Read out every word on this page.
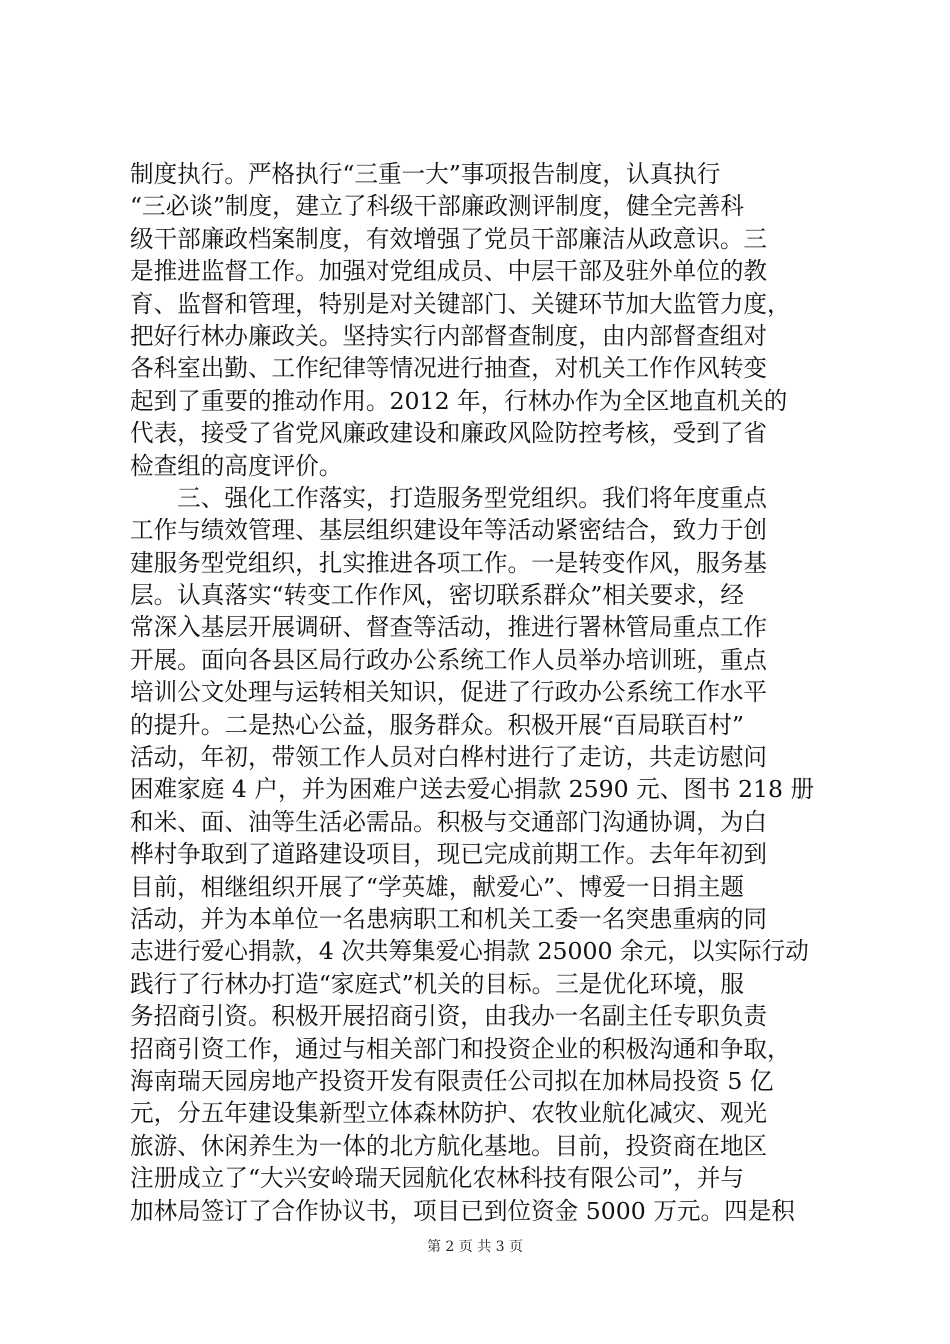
制度执行。严格执行“三重一大”事项报告制度，认真执行
“三必谈”制度，建立了科级干部廉政测评制度，健全完善科
级干部廉政档案制度，有效增强了党员干部廉洁从政意识。三
是推进监督工作。加强对党组成员、中层干部及驻外单位的教
育、监督和管理，特别是对关键部门、关键环节加大监管力度，
把好行林办廉政关。坚持实行内部督查制度，由内部督查组对
各科室出勤、工作纪律等情况进行抽查，对机关工作作风转变
起到了重要的推动作用。2012 年，行林办作为全区地直机关的
代表，接受了省党风廉政建设和廉政风险防控考核，受到了省
检查组的高度评价。
　　三、强化工作落实，打造服务型党组织。我们将年度重点
工作与绩效管理、基层组织建设年等活动紧密结合，致力于创
建服务型党组织，扎实推进各项工作。一是转变作风，服务基
层。认真落实“转变工作作风，密切联系群众”相关要求，经
常深入基层开展调研、督查等活动，推进行署林管局重点工作
开展。面向各县区局行政办公系统工作人员举办培训班，重点
培训公文处理与运转相关知识，促进了行政办公系统工作水平
的提升。二是热心公益，服务群众。积极开展“百局联百村”
活动，年初，带领工作人员对白桦村进行了走访，共走访慰问
困难家庭 4 户，并为困难户送去爱心捐款 2590 元、图书 218 册
和米、面、油等生活必需品。积极与交通部门沟通协调，为白
桦村争取到了道路建设项目，现已完成前期工作。去年年初到
目前，相继组织开展了“学英雄，献爱心”、博爱一日捐主题
活动，并为本单位一名患病职工和机关工委一名突患重病的同
志进行爱心捐款，4 次共筹集爱心捐款 25000 余元，以实际行动
践行了行林办打造“家庭式”机关的目标。三是优化环境，服
务招商引资。积极开展招商引资，由我办一名副主任专职负责
招商引资工作，通过与相关部门和投资企业的积极沟通和争取，
海南瑞天园房地产投资开发有限责任公司拟在加林局投资 5 亿
元，分五年建设集新型立体森林防护、农牧业航化减灾、观光
旅游、休闲养生为一体的北方航化基地。目前，投资商在地区
注册成立了“大兴安岭瑞天园航化农林科技有限公司”，并与
加林局签订了合作协议书，项目已到位资金 5000 万元。四是积
第 2 页 共 3 页
